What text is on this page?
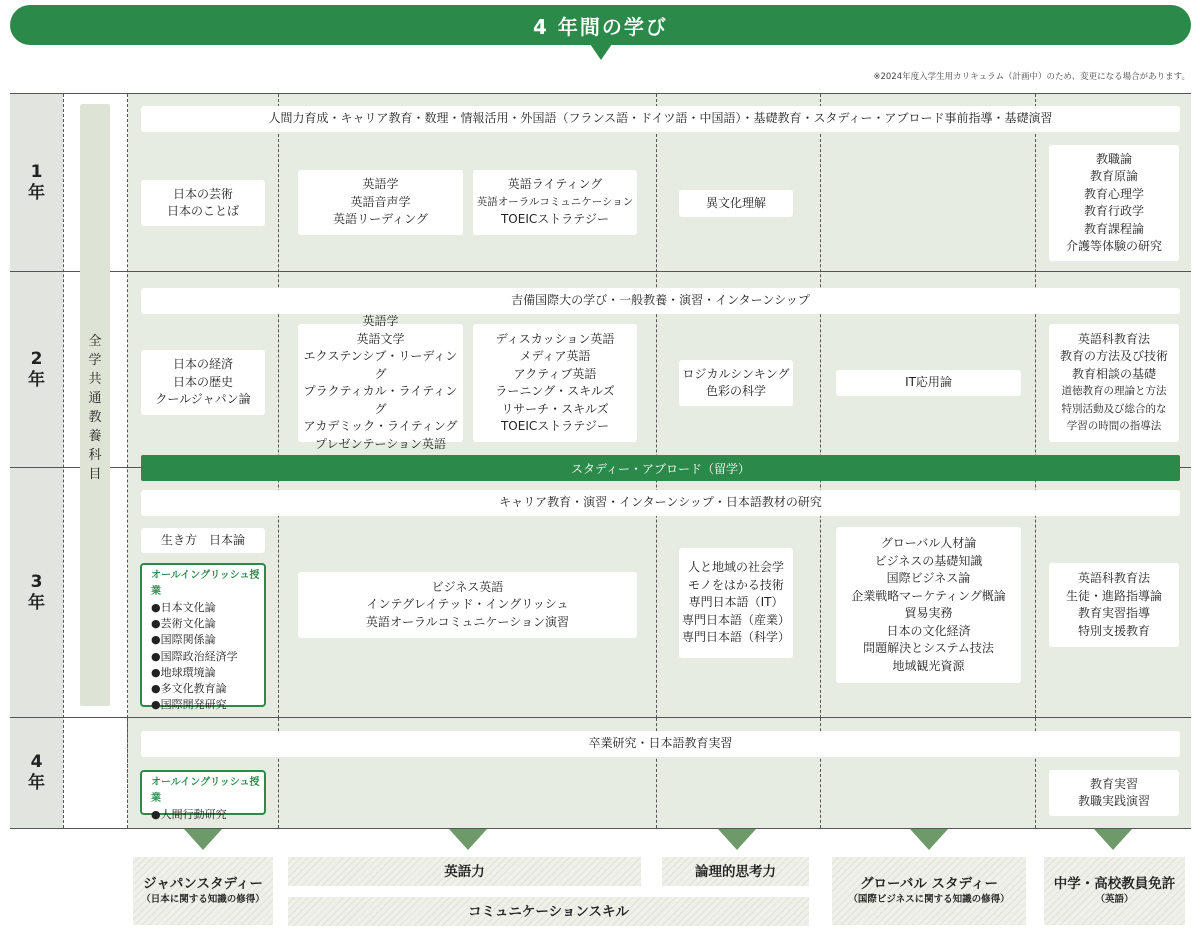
4 年間の学び
※2024年度入学生用カリキュラム（計画中）のため、変更になる場合があります。
1
年
2
年
3
年
4
年
全
学
共
通
教
養
科
目
人間力育成・キャリア教育・数理・情報活用・外国語（フランス語・ドイツ語・中国語）・基礎教育・スタディー・アブロード事前指導・基礎演習
日本の芸術
日本のことば
英語学
英語音声学
英語リーディング
英語ライティング
英語オーラルコミュニケーション
TOEICストラテジー
異文化理解
教職論
教育原論
教育心理学
教育行政学
教育課程論
介護等体験の研究
吉備国際大の学び・一般教養・演習・インターンシップ
日本の経済
日本の歴史
クールジャパン論
英語学
英語文学
エクステンシブ・リーディング
プラクティカル・ライティング
アカデミック・ライティング
プレゼンテーション英語
ディスカッション英語
メディア英語
アクティブ英語
ラーニング・スキルズ
リサーチ・スキルズ
TOEICストラテジー
ロジカルシンキング
色彩の科学
IT応用論
英語科教育法
教育の方法及び技術
教育相談の基礎
道徳教育の理論と方法
特別活動及び総合的な
学習の時間の指導法
スタディー・アブロード（留学）
キャリア教育・演習・インターンシップ・日本語教材の研究
生き方　日本論
オールイングリッシュ授業
●日本文化論
●芸術文化論
●国際関係論
●国際政治経済学
●地球環境論
●多文化教育論
●国際開発研究
ビジネス英語
インテグレイテッド・イングリッシュ
英語オーラルコミュニケーション演習
人と地域の社会学
モノをはかる技術
専門日本語（IT）
専門日本語（産業）
専門日本語（科学）
グローバル人材論
ビジネスの基礎知識
国際ビジネス論
企業戦略マーケティング概論
貿易実務
日本の文化経済
問題解決とシステム技法
地域観光資源
英語科教育法
生徒・進路指導論
教育実習指導
特別支援教育
卒業研究・日本語教育実習
オールイングリッシュ授業
●人間行動研究
教育実習
教職実践演習
ジャパンスタディー
（日本に関する知識の修得）
英語力
コミュニケーションスキル
論理的思考力
グローバル スタディー
（国際ビジネスに関する知識の修得）
中学・高校教員免許
（英語）
